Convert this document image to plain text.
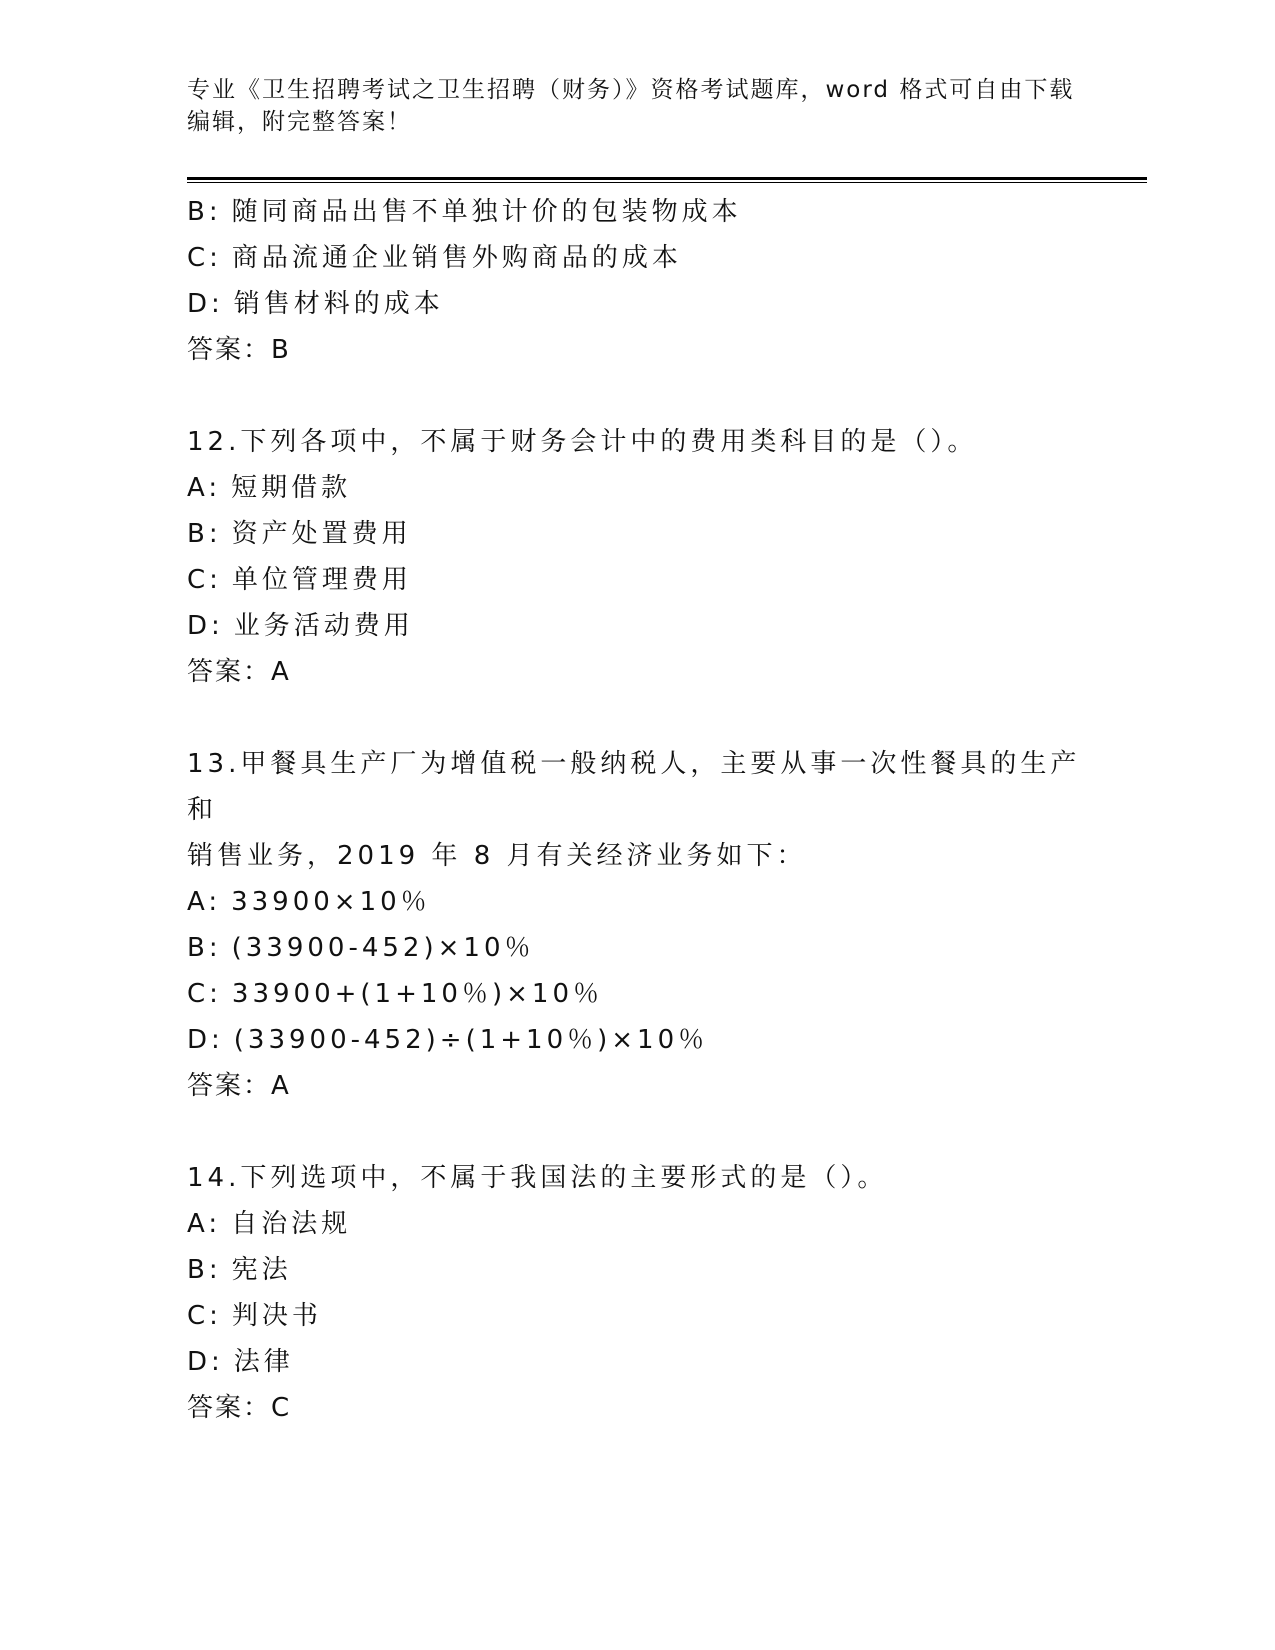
专业《卫生招聘考试之卫生招聘（财务）》资格考试题库，word 格式可自由下载
编辑，附完整答案！
B: 随同商品出售不单独计价的包装物成本
C: 商品流通企业销售外购商品的成本
D: 销售材料的成本
答案：B
12.下列各项中，不属于财务会计中的费用类科目的是（）。
A: 短期借款
B: 资产处置费用
C: 单位管理费用
D: 业务活动费用
答案：A
13.甲餐具生产厂为增值税一般纳税人，主要从事一次性餐具的生产和
销售业务，2019 年 8 月有关经济业务如下：
A: 33900×10％
B: (33900-452)×10％
C: 33900+(1+10％)×10％
D: (33900-452)÷(1+10％)×10％
答案：A
14.下列选项中，不属于我国法的主要形式的是（）。
A: 自治法规
B: 宪法
C: 判决书
D: 法律
答案：C
